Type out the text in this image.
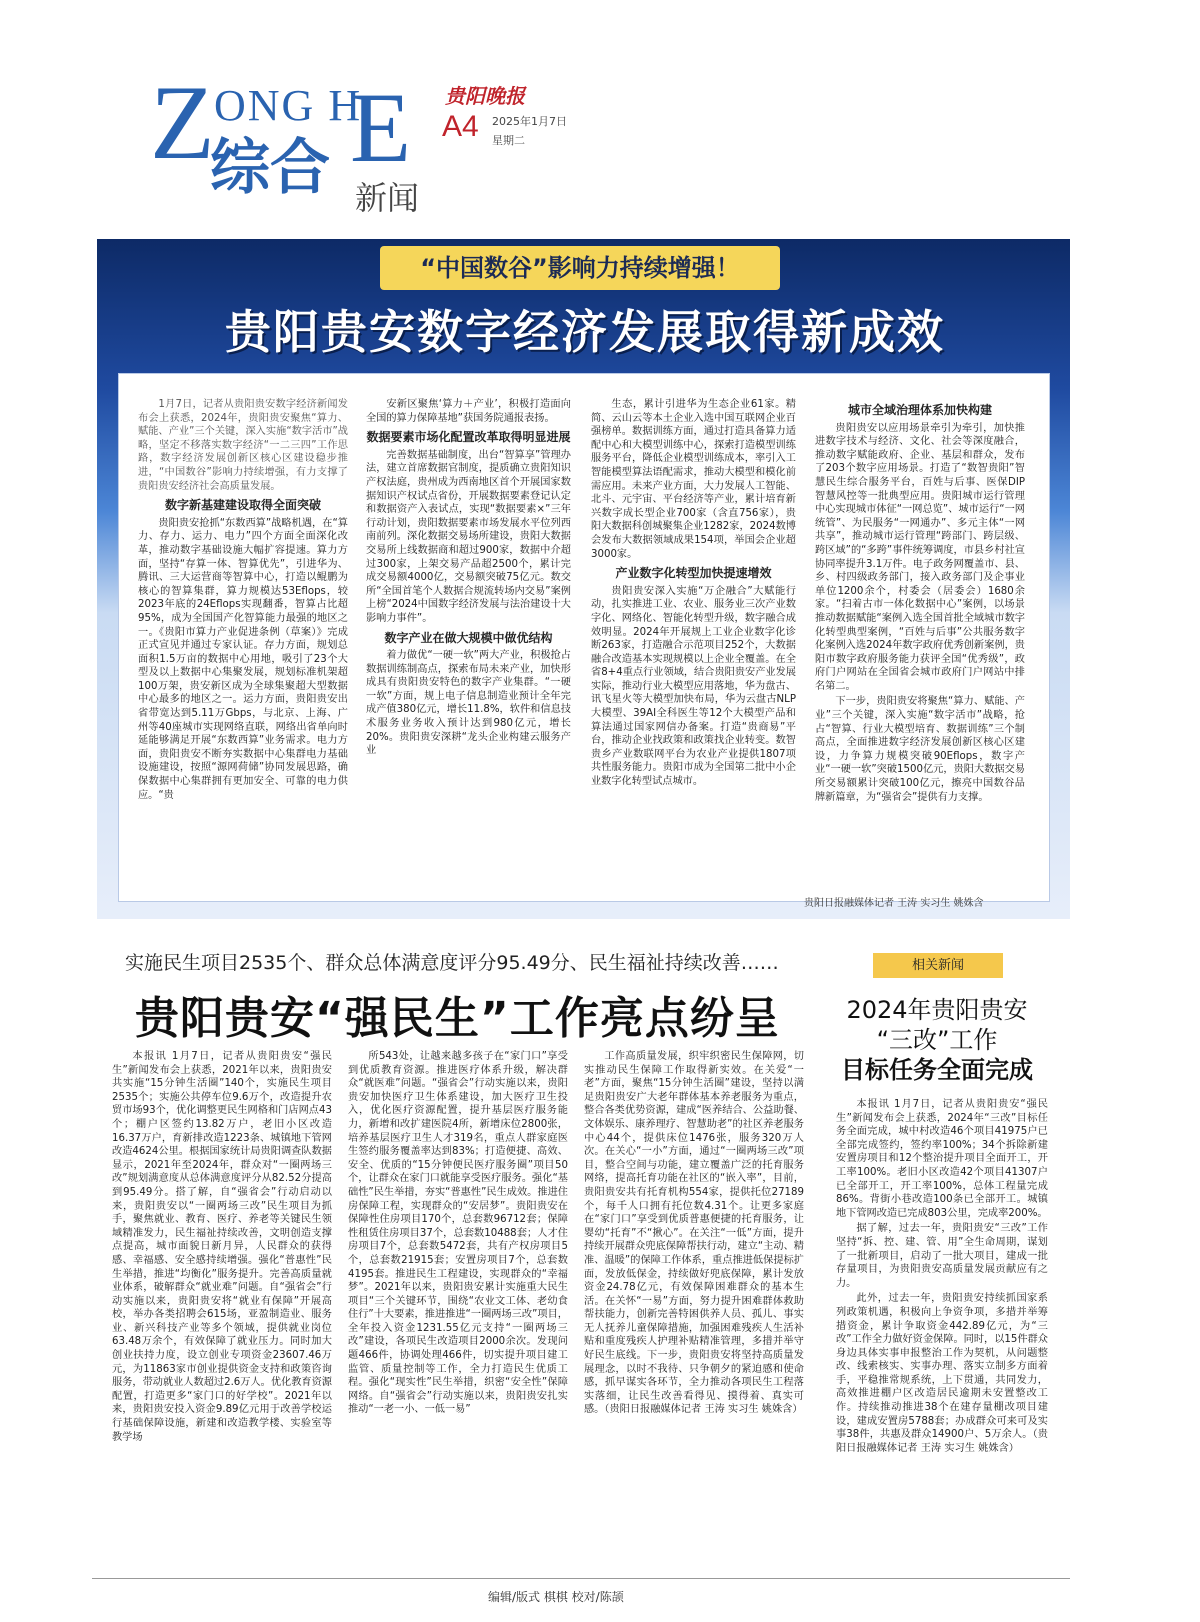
Z ONG H
E
综合 新闻
贵阳晚报
A4 2025年1月7日
星期二
“中国数谷”影响力持续增强！
贵阳贵安数字经济发展取得新成效

1月7日，记者从贵阳贵安数字经济新闻发布会上获悉，2024年，贵阳贵安聚焦“算力、赋能、产业”三个关键，深入实施“数字活市”战略，坚定不移落实数字经济“一二三四”工作思路，数字经济发展创新区核心区建设稳步推进，“中国数谷”影响力持续增强，有力支撑了贵阳贵安经济社会高质量发展。

数字新基建建设取得全面突破

贵阳贵安抢抓“东数西算”战略机遇，在“算力、存力、运力、电力”四个方面全面深化改革，推动数字基础设施大幅扩容提速。算力方面，坚持“存算一体、智算优先”，引进华为、腾讯、三大运营商等智算中心，打造以鲲鹏为核心的智算集群，算力规模达53Eflops，较2023年底的24Eflops实现翻番，智算占比超95%，成为全国国产化智算能力最强的地区之一。《贵阳市算力产业促进条例（草案）》完成正式宣见并通过专家认证。存力方面，规划总面积1.5万亩的数据中心用地，吸引了23个大型及以上数据中心集聚发展，规划标准机架超100万架，贵安新区成为全球集聚超大型数据中心最多的地区之一。运力方面，贵阳贵安出省带宽达到5.11万Gbps，与北京、上海、广州等40座城市实现网络直联，网络出省单向时延能够满足开展“东数西算”业务需求。电力方面，贵阳贵安不断夯实数据中心集群电力基础设施建设，按照“源网荷储”协同发展思路，确保数据中心集群拥有更加安全、可靠的电力供应。“贵

安新区聚焦‘算力＋产业’，积极打造面向全国的算力保障基地”获国务院通报表扬。

数据要素市场化配置改革取得明显进展

完善数据基础制度，出台“智算享”管理办法，建立首席数据官制度，提质确立贵阳知识产权法庭，贵州成为西南地区首个开展国家数据知识产权试点省份，开展数据要素登记认定和数据资产入表试点，实现“数据要素×”三年行动计划，贵阳数据要素市场发展水平位列西南前列。深化数据交易场所建设，贵阳大数据交易所上线数据商和超过900家，数据中介超过300家，上架交易产品超2500个，累计完成交易额4000亿，交易额突破75亿元。数交所“全国首笔个人数据合规流转场内交易”案例上榜“2024中国数字经济发展与法治建设十大影响力事件”。

数字产业在做大规模中做优结构

着力做优“一硬一软”两大产业，积极抢占数据训练制高点，探索布局未来产业，加快形成具有贵阳贵安特色的数字产业集群。“一硬一软”方面，规上电子信息制造业预计全年完成产值380亿元，增长11.8%，软件和信息技术服务业务收入预计达到980亿元，增长20%。贵阳贵安深耕“龙头企业构建云服务产业

生态，累计引进华为生态企业61家。精简、云山云等本土企业入选中国互联网企业百强榜单。数据训练方面，通过打造具备算力适配中心和大模型训练中心，探索打造模型训练服务平台，降低企业模型训练成本，率引入工智能模型算法语配需求，推动大模型和模化前需应用。未来产业方面，大力发展人工智能、北斗、元宇宙、平台经济等产业，累计培育新兴数字成长型企业700家（含直756家），贵阳大数据科创城聚集企业1282家，2024数博会发布大数据领域成果154项，举国会企业超3000家。

产业数字化转型加快提速增效

贵阳贵安深入实施“万企融合”大赋能行动，扎实推进工业、农业、服务业三次产业数字化、网络化、智能化转型升级，数字融合成效明显。2024年开展规上工业企业数字化诊断263家，打造融合示范项目252个，大数据融合改造基本实现规模以上企业全覆盖。在全省8+4重点行业领域，结合贵阳贵安产业发展实际，推动行业大模型应用落地，华为盘古、讯飞星火等大模型加快布局，华为云盘古NLP大模型、39AI全科医生等12个大模型产品和算法通过国家网信办备案。打造“贵商易”平台，推动企业找政策和政策找企业转变。数智贵乡产业数联网平台为农业产业提供1807项共性服务能力。贵阳市成为全国第二批中小企业数字化转型试点城市。

城市全域治理体系加快构建

贵阳贵安以应用场景牵引为牵引，加快推进数字技术与经济、文化、社会等深度融合，推动数字赋能政府、企业、基层和群众，发布了203个数字应用场景。打造了“数智贵阳”智慧民生综合服务平台，百姓与后事、医保DIP智慧风控等一批典型应用。贵阳城市运行管理中心实现城市体征“一网总览”、城市运行“一网统管”、为民服务“一网通办”、多元主体“一网共享”，推动城市运行管理“跨部门、跨层级、跨区域”的“多跨”事件统筹调度，市县乡村社宣协同率提升3.1万件。电子政务网覆盖市、县、乡、村四级政务部门，接入政务部门及企事业单位1200余个，村委会（居委会）1680余家。“扫着古市一体化数据中心”案例，以场景推动数据赋能“案例入选全国首批全域城市数字化转型典型案例，“百姓与后事”公共服务数字化案例入选2024年数字政府优秀创新案例，贵阳市数字政府服务能力获评全国“优秀级”，政府门户网站在全国省会城市政府门户网站中排名第二。

下一步，贵阳贵安将聚焦“算力、赋能、产业”三个关键，深入实施“数字活市”战略，抢占“智算、行业大模型培育、数据训练”三个制高点，全面推进数字经济发展创新区核心区建设，力争算力规模突破90Eflops，数字产业“一硬一软”突破1500亿元，贵阳大数据交易所交易额累计突破100亿元，擦亮中国数谷品牌新篇章，为“强省会”提供有力支撑。

贵阳日报融媒体记者 王涛 实习生 姚姝含
实施民生项目2535个、群众总体满意度评分95.49分、民生福祉持续改善……
贵阳贵安“强民生”工作亮点纷呈

本报讯 1月7日，记者从贵阳贵安“强民生”新闻发布会上获悉，2021年以来，贵阳贵安共实施“15分钟生活圈”140个，实施民生项目2535个；实施公共停车位9.6万个，改造提升农贸市场93个，优化调整更民生网格和门店网点43个；棚户区签约13.82万户，老旧小区改造16.37万户，育新排改造1223条、城镇地下管网改造4624公里。根据国家统计局贵阳调查队数据显示，2021年至2024年，群众对“一圈两场三改”规划满意度从总体满意度评分从82.52分提高到95.49分。搭了解，自“强省会”行动启动以来，贵阳贵安以“一圈两场三改”民生项目为抓手，聚焦就业、教育、医疗、养老等关键民生领域精准发力，民生福祉持续改善，文明创造支撑点提高，城市面貌日新月异，人民群众的获得感、幸福感、安全感持续增强。强化“普惠性”民生举措，推进“均衡化”服务提升。完善高质量就业体系，破解群众“就业难”问题。自“强省会”行动实施以来，贵阳贵安将“就业有保障”开展高校，举办各类招聘会615场，亚盈制造业、服务业、新兴科技产业等多个领域，提供就业岗位63.48万余个，有效保障了就业压力。同时加大创业扶持力度，设立创业专项资金23607.46万元，为11863家市创业提供资金支持和政策咨询服务，带动就业人数超过2.6万人。优化教育资源配置，打造更多“家门口的好学校”。2021年以来，贵阳贵安投入资金9.89亿元用于改善学校运行基础保障设施，新建和改造教学楼、实验室等教学场

所543处，让越来越多孩子在“家门口”享受到优质教育资源。推进医疗体系升级，解决群众“就医难”问题。“强省会”行动实施以来，贵阳贵安加快医疗卫生体系建设，加大医疗卫生投入，优化医疗资源配置，提升基层医疗服务能力，新增和改扩建医院4所，新增床位2800张，培养基层医疗卫生人才319名，重点人群家庭医生签约服务覆盖率达到83%；打造便捷、高效、安全、优质的“15分钟便民医疗服务圈”项目50个，让群众在家门口就能享受医疗服务。强化“基础性”民生举措，夯实“普惠性”民生成效。推进住房保障工程，实现群众的“安居梦”。贵阳贵安在保障性住房项目170个，总套数96712套；保障性租赁住房项目37个，总套数10488套；人才住房项目7个，总套数5472套，共有产权房项目5个，总套数21915套；安置房项目7个，总套数4195套。推进民生工程建设，实现群众的“幸福梦”。2021年以来，贵阳贵安累计实施重大民生项目“三个关键环节，围绕“农业文工体、老幼食住行”十大要素，推进推进“一圈两场三改”项目，全年投入资金1231.55亿元支持“一圈两场三改”建设，各项民生改造项目2000余次。发现问题466件，协调处理466件，切实提升项目建工监管、质量控制等工作，全力打造民生优质工程。强化“现实性”民生举措，织密“安全性”保障网络。自“强省会”行动实施以来，贵阳贵安扎实推动“一老一小、一低一易”

工作高质量发展，织牢织密民生保障网，切实推动民生保障工作取得新实效。在关爱“一老”方面，聚焦“15分钟生活圈”建设，坚持以满足贵阳贵安广大老年群体基本养老服务为重点，整合各类优势资源，建成“医养结合、公益助餐、文体娱乐、康养理疗、智慧助老”的社区养老服务中心44个，提供床位1476张，服务320万人次。在关心“一小”方面，通过“一圈两场三改”项目，整合空间与功能，建立覆盖广泛的托育服务网络，提高托育功能在社区的“嵌入率”，目前，贵阳贵安共有托育机构554家，提供托位27189个，每千人口拥有托位数4.31个。让更多家庭在“家门口”享受到优质普惠便捷的托育服务，让婴幼“托育”不“揪心”。在关注“一低”方面，提升持续开展群众兜底保障帮扶行动，建立“主动、精准、温暖”的保障工作体系，重点推进低保提标扩面，发放低保金，持续做好兜底保障，累计发放资金24.78亿元，有效保障困难群众的基本生活。在关怀“一易”方面，努力提升困难群体救助帮扶能力，创新完善特困供养人员、孤儿、事实无人抚养儿童保障措施，加强困难残疾人生活补贴和重度残疾人护理补贴精准管理，多措并举守好民生底线。下一步，贵阳贵安将坚持高质量发展理念，以时不我待、只争朝夕的紧迫感和使命感，抓早谋实各环节，全力推动各项民生工程落实落细，让民生改善看得见、摸得着、真实可感。（贵阳日报融媒体记者 王涛 实习生 姚姝含）

相关新闻
2024年贵阳贵安
“三改”工作
目标任务全面完成

本报讯 1月7日，记者从贵阳贵安“强民生”新闻发布会上获悉，2024年“三改”目标任务全面完成，城中村改造46个项目41975户已全部完成签约，签约率100%；34个拆除新建安置房项目和12个整治提升项目全面开工，开工率100%。老旧小区改造42个项目41307户已全部开工，开工率100%，总体工程量完成86%。背街小巷改造100条已全部开工。城镇地下管网改造已完成803公里，完成率200%。

据了解，过去一年，贵阳贵安“三改”工作坚持“拆、控、建、管、用”全生命周期，谋划了一批新项目，启动了一批大项目，建成一批存量项目，为贵阳贵安高质量发展贡献应有之力。

此外，过去一年，贵阳贵安持续抓国家系列政策机遇，积极向上争资争项，多措并举筹措资金，累计争取资金442.89亿元，为“三改”工作全力做好资金保障。同时，以15件群众身边具体实事申报整治工作为契机，从问题整改、线索核实、实事办理、落实立制多方面着手，平稳推常规系统，上下贯通，共同发力，高效推进棚户区改造居民逾期未安置整改工作。持续推动推进38个在建存量棚改项目建设，建成安置房5788套；办成群众可来可及实事38件，共惠及群众14900户、5万余人。（贵阳日报融媒体记者 王涛 实习生 姚姝含）

编辑/版式 棋棋 校对/陈颉
